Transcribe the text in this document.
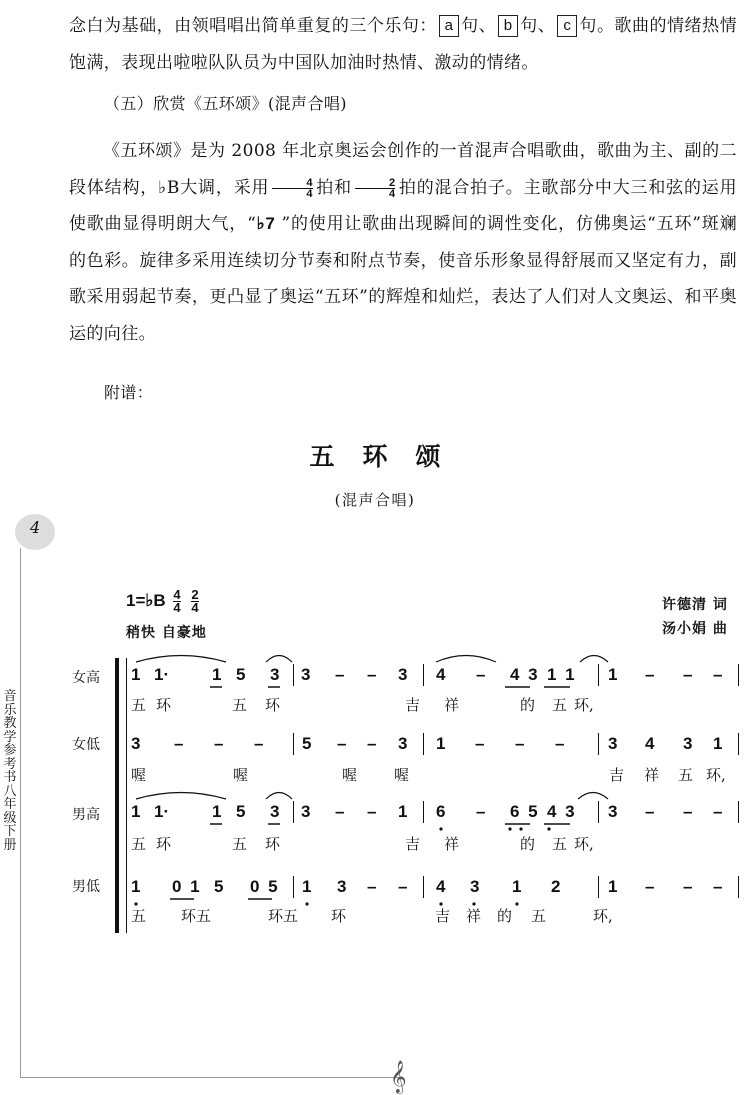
念白为基础，由领唱唱出简单重复的三个乐句： a 句、 b 句、 c 句。歌曲的情绪热情饱满，表现出啦啦队队员为中国队加油时热情、激动的情绪。

（五）欣赏《五环颂》(混声合唱)

《五环颂》是为 2008 年北京奥运会创作的一首混声合唱歌曲，歌曲为主、副的二段体结构，♭B大调，采用 $\frac{4}{4}$ 拍和 $\frac{2}{4}$ 拍的混合拍子。主歌部分中大三和弦的运用使歌曲显得明朗大气，“♭7 ”的使用让歌曲出现瞬间的调性变化，仿佛奥运“五环”斑斓的色彩。旋律多采用连续切分节奏和附点节奏，使音乐形象显得舒展而又坚定有力，副歌采用弱起节奏，更凸显了奥运“五环”的辉煌和灿烂，表达了人们对人文奥运、和平奥运的向往。

附谱：
五环颂
(混声合唱)
4
音乐教学参考书八年级下册
𝄞
1=♭B $\frac{4}{4}$
$\frac{2}{4}$
稍快 自豪地
许德清 词
汤小娟 曲
女高
女低
男高
男低
1 1·	1 5 3 3 – – 3 4 – 4 3 1 1 1 – – –
五 环	五 环	吉 祥	的 五 环,
3 – – – 5 – – 3 1 – – –	3 4 3 1
喔	喔	喔 喔	吉 祥 五 环,
1 1·	1 5 3 3 – – 1 6 – 6 5 4 3 3 – – –
五 环	五 环	吉 祥	的 五 环,
1 0 1 5 0 5 1 3 – – 4 3 1 2	1 – – –
五 环五	环五 环	吉 祥 的 五	环,
